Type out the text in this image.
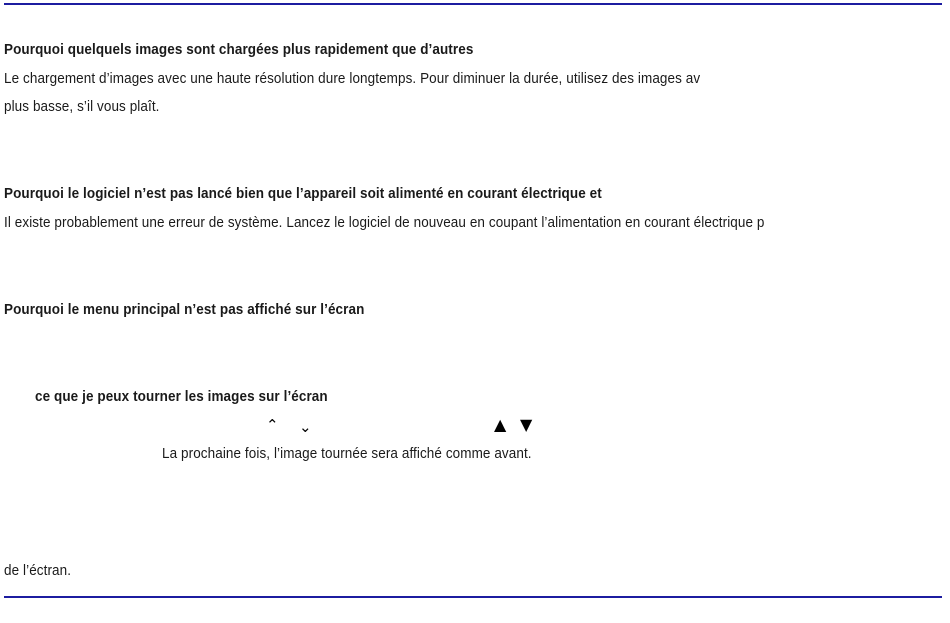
Pourquoi quelquels images sont chargées plus rapidement que d’autres
Le chargement d’images avec une haute résolution dure longtemps. Pour diminuer la durée, utilisez des images av
plus basse, s’il vous plaît.
Pourquoi le logiciel n’est pas lancé bien que l’appareil soit alimenté en courant électrique et
Il existe probablement une erreur de système. Lancez le logiciel de nouveau en coupant l’alimentation en courant électrique p
Pourquoi le menu principal n’est pas affiché sur l’écran
ce que je peux tourner les images sur l’écran
⌃ ⌄	▲ ▼
La prochaine fois, l’image tournée sera affiché comme avant.
de l’éctran.
